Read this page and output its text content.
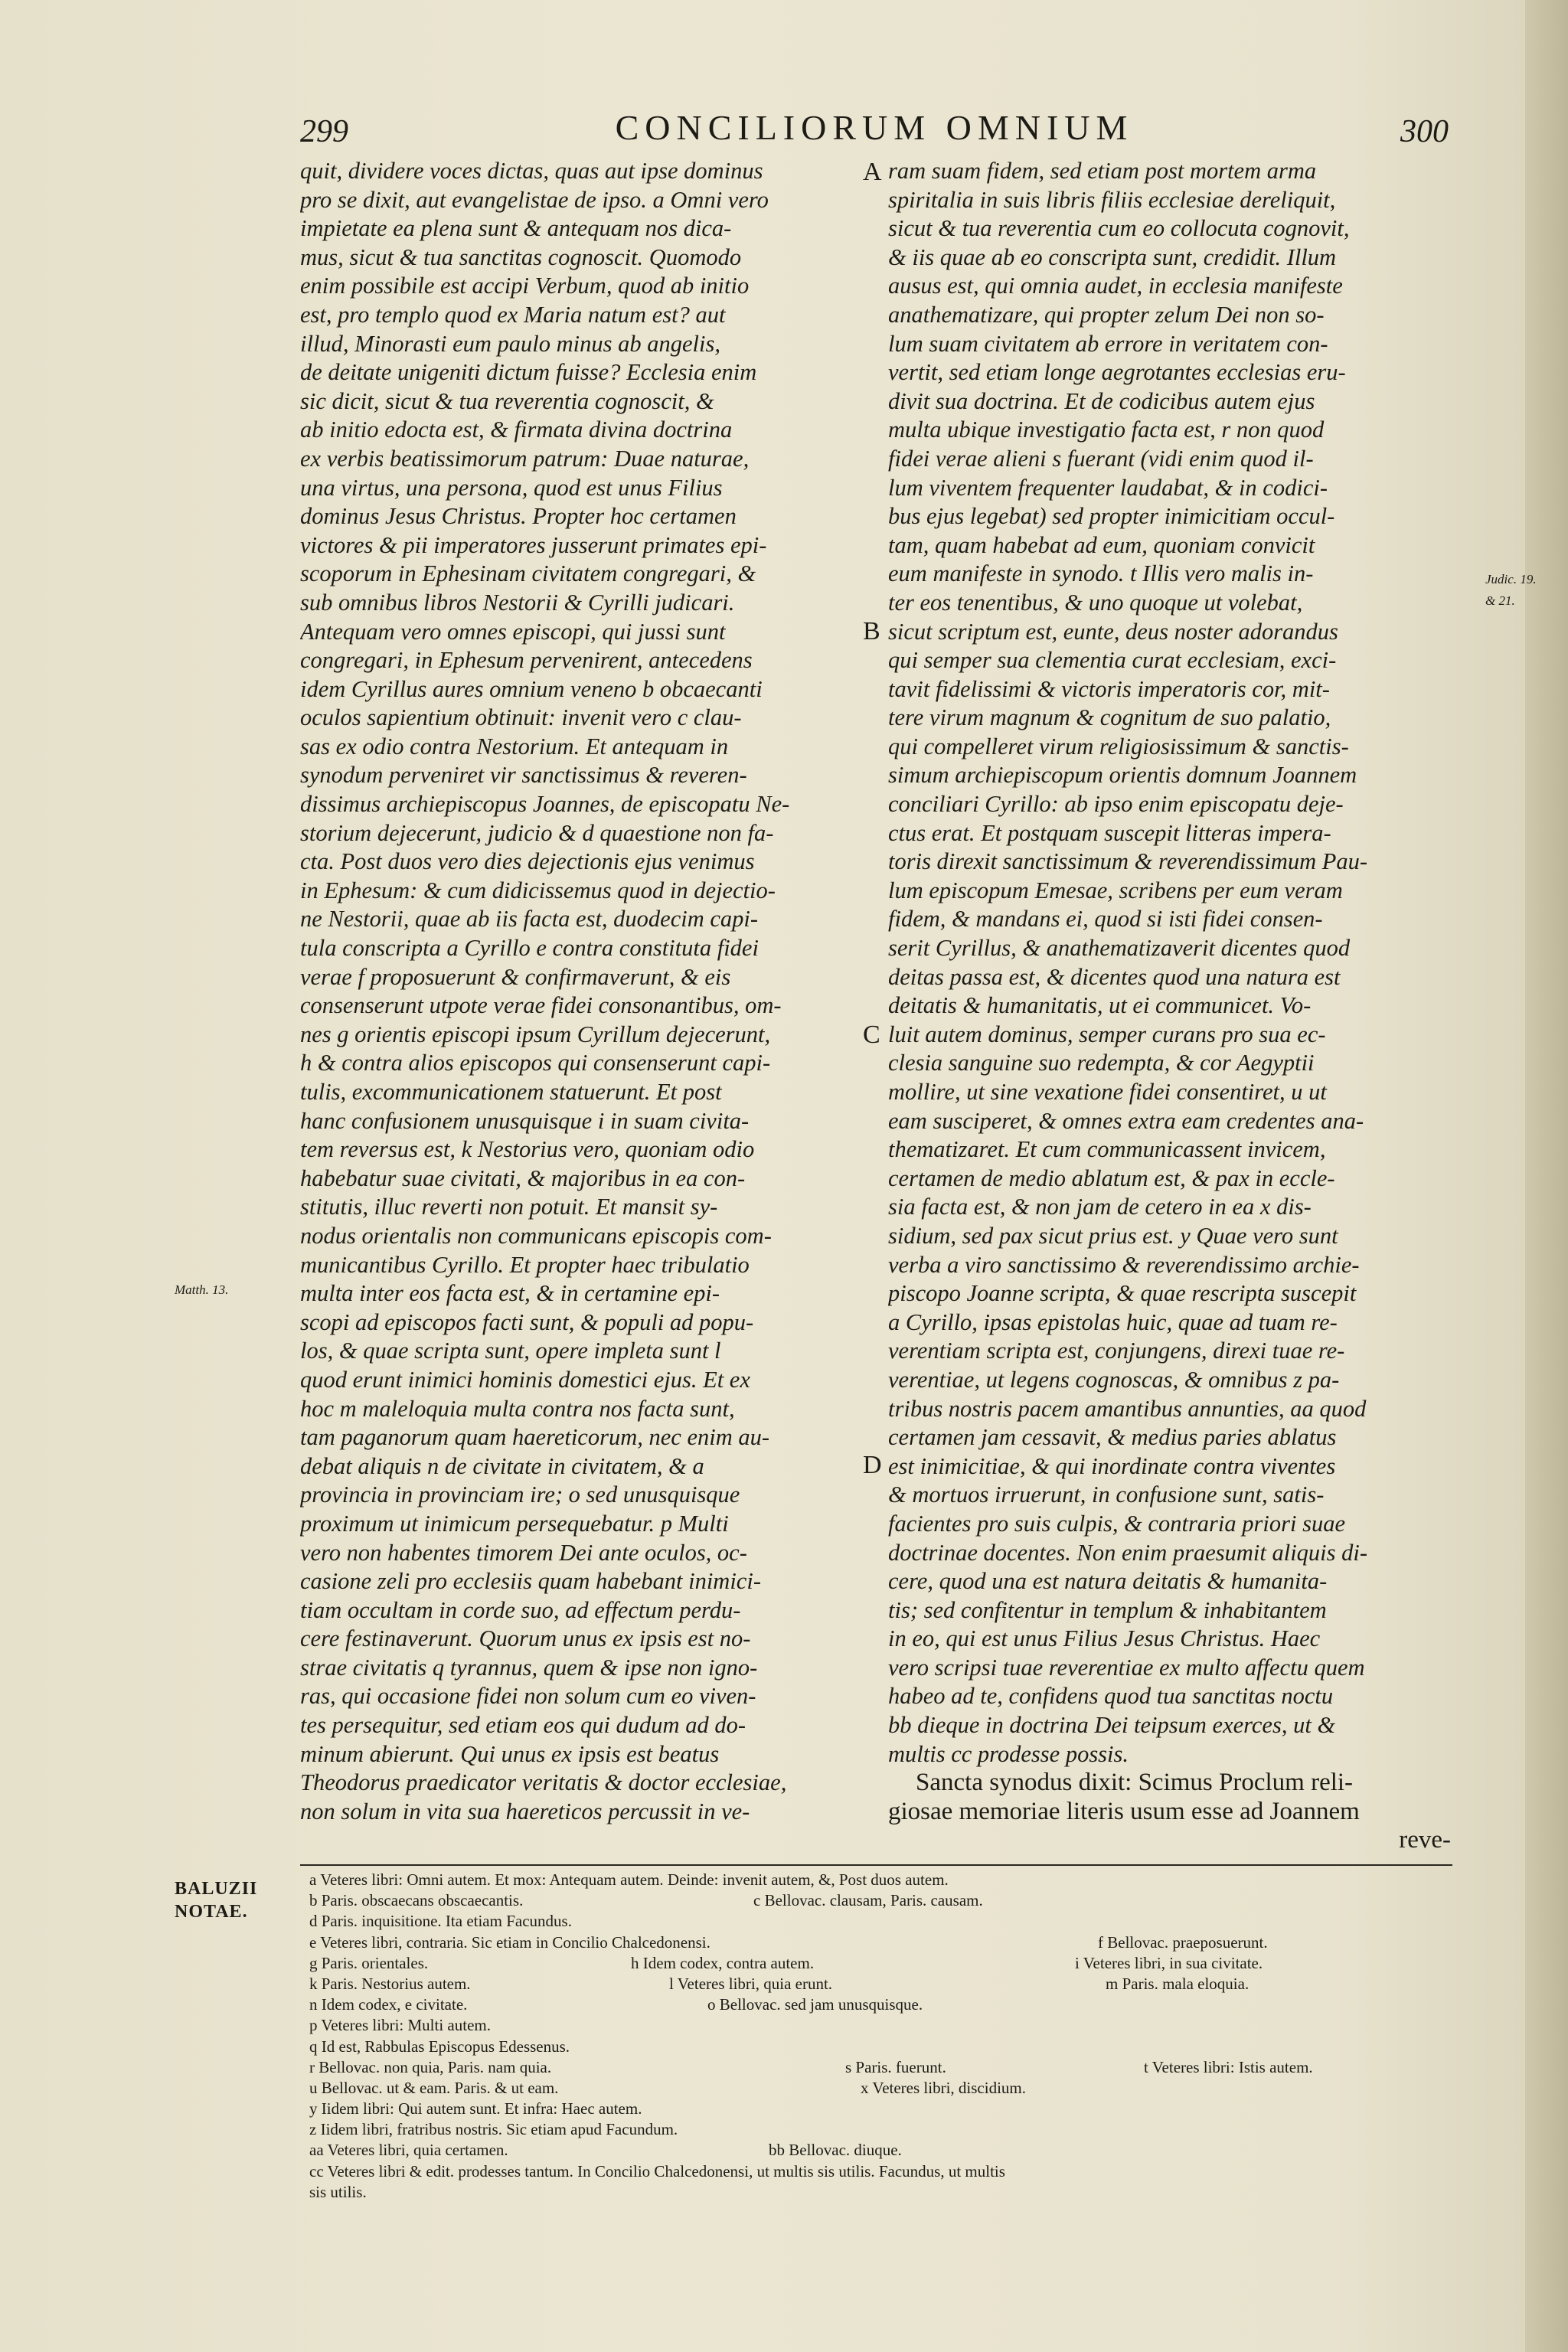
299	CONCILIORUM OMNIUM	300
quit, dividere voces dictas, quas aut ipse dominus
pro se dixit, aut evangelistae de ipso. a Omni vero
impietate ea plena sunt & antequam nos dica-
mus, sicut & tua sanctitas cognoscit. Quomodo
enim possibile est accipi Verbum, quod ab initio
est, pro templo quod ex Maria natum est? aut
illud, Minorasti eum paulo minus ab angelis,
de deitate unigeniti dictum fuisse? Ecclesia enim
sic dicit, sicut & tua reverentia cognoscit, &
ab initio edocta est, & firmata divina doctrina
ex verbis beatissimorum patrum: Duae naturae,
una virtus, una persona, quod est unus Filius
dominus Jesus Christus. Propter hoc certamen
victores & pii imperatores jusserunt primates epi-
scoporum in Ephesinam civitatem congregari, &
sub omnibus libros Nestorii & Cyrilli judicari.
Antequam vero omnes episcopi, qui jussi sunt
congregari, in Ephesum pervenirent, antecedens
idem Cyrillus aures omnium veneno b obcaecanti
oculos sapientium obtinuit: invenit vero c clau-
sas ex odio contra Nestorium. Et antequam in
synodum perveniret vir sanctissimus & reveren-
dissimus archiepiscopus Joannes, de episcopatu Ne-
storium dejecerunt, judicio & d quaestione non fa-
cta. Post duos vero dies dejectionis ejus venimus
in Ephesum: & cum didicissemus quod in dejectio-
ne Nestorii, quae ab iis facta est, duodecim capi-
tula conscripta a Cyrillo e contra constituta fidei
verae f proposuerunt & confirmaverunt, & eis
consenserunt utpote verae fidei consonantibus, om-
nes g orientis episcopi ipsum Cyrillum dejecerunt,
h & contra alios episcopos qui consenserunt capi-
tulis, excommunicationem statuerunt. Et post
hanc confusionem unusquisque i in suam civita-
tem reversus est, k Nestorius vero, quoniam odio
habebatur suae civitati, & majoribus in ea con-
stitutis, illuc reverti non potuit. Et mansit sy-
nodus orientalis non communicans episcopis com-
municantibus Cyrillo. Et propter haec tribulatio
multa inter eos facta est, & in certamine epi-
scopi ad episcopos facti sunt, & populi ad popu-
los, & quae scripta sunt, opere impleta sunt l
quod erunt inimici hominis domestici ejus. Et ex
hoc m maleloquia multa contra nos facta sunt,
tam paganorum quam haereticorum, nec enim au-
debat aliquis n de civitate in civitatem, & a
provincia in provinciam ire; o sed unusquisque
proximum ut inimicum persequebatur. p Multi
vero non habentes timorem Dei ante oculos, oc-
casione zeli pro ecclesiis quam habebant inimici-
tiam occultam in corde suo, ad effectum perdu-
cere festinaverunt. Quorum unus ex ipsis est no-
strae civitatis q tyrannus, quem & ipse non igno-
ras, qui occasione fidei non solum cum eo viven-
tes persequitur, sed etiam eos qui dudum ad do-
minum abierunt. Qui unus ex ipsis est beatus
Theodorus praedicator veritatis & doctor ecclesiae,
non solum in vita sua haereticos percussit in ve-
ram suam fidem, sed etiam post mortem arma
spiritalia in suis libris filiis ecclesiae dereliquit,
sicut & tua reverentia cum eo collocuta cognovit,
& iis quae ab eo conscripta sunt, credidit. Illum
ausus est, qui omnia audet, in ecclesia manifeste
anathematizare, qui propter zelum Dei non so-
lum suam civitatem ab errore in veritatem con-
vertit, sed etiam longe aegrotantes ecclesias eru-
divit sua doctrina. Et de codicibus autem ejus
multa ubique investigatio facta est, r non quod
fidei verae alieni s fuerant (vidi enim quod il-
lum viventem frequenter laudabat, & in codici-
bus ejus legebat) sed propter inimicitiam occul-
tam, quam habebat ad eum, quoniam convicit
eum manifeste in synodo. t Illis vero malis in-
ter eos tenentibus, & uno quoque ut volebat,
sicut scriptum est, eunte, deus noster adorandus
qui semper sua clementia curat ecclesiam, exci-
tavit fidelissimi & victoris imperatoris cor, mit-
tere virum magnum & cognitum de suo palatio,
qui compelleret virum religiosissimum & sanctis-
simum archiepiscopum orientis domnum Joannem
conciliari Cyrillo: ab ipso enim episcopatu deje-
ctus erat. Et postquam suscepit litteras impera-
toris direxit sanctissimum & reverendissimum Pau-
lum episcopum Emesae, scribens per eum veram
fidem, & mandans ei, quod si isti fidei consen-
serit Cyrillus, & anathematizaverit dicentes quod
deitas passa est, & dicentes quod una natura est
deitatis & humanitatis, ut ei communicet. Vo-
luit autem dominus, semper curans pro sua ec-
clesia sanguine suo redempta, & cor Aegyptii
mollire, ut sine vexatione fidei consentiret, u ut
eam susciperet, & omnes extra eam credentes ana-
thematizaret. Et cum communicassent invicem,
certamen de medio ablatum est, & pax in eccle-
sia facta est, & non jam de cetero in ea x dis-
sidium, sed pax sicut prius est. y Quae vero sunt
verba a viro sanctissimo & reverendissimo archie-
piscopo Joanne scripta, & quae rescripta suscepit
a Cyrillo, ipsas epistolas huic, quae ad tuam re-
verentiam scripta est, conjungens, direxi tuae re-
verentiae, ut legens cognoscas, & omnibus z pa-
tribus nostris pacem amantibus annunties, aa quod
certamen jam cessavit, & medius paries ablatus
est inimicitiae, & qui inordinate contra viventes
& mortuos irruerunt, in confusione sunt, satis-
facientes pro suis culpis, & contraria priori suae
doctrinae docentes. Non enim praesumit aliquis di-
cere, quod una est natura deitatis & humanita-
tis; sed confitentur in templum & inhabitantem
in eo, qui est unus Filius Jesus Christus. Haec
vero scripsi tuae reverentiae ex multo affectu quem
habeo ad te, confidens quod tua sanctitas noctu
bb dieque in doctrina Dei teipsum exerces, ut &
multis cc prodesse possis.
Sancta synodus dixit: Scimus Proclum reli-
giosae memoriae literis usum esse ad Joannem
reve-
A
B
C
D
Matth. 13.
Judic. 19.
& 21.
BALUZII NOTAE.
a Veteres libri: Omni autem. Et mox: Antequam autem. Deinde: invenit autem, &, Post duos autem.
b Paris. obscaecans obscaecantis.	c Bellovac. clausam, Paris. causam.
d Paris. inquisitione. Ita etiam Facundus.
e Veteres libri, contraria. Sic etiam in Concilio Chalcedonensi.	f Bellovac. praeposuerunt.
g Paris. orientales.	h Idem codex, contra autem.	i Veteres libri, in sua civitate.
k Paris. Nestorius autem.	l Veteres libri, quia erunt.	m Paris. mala eloquia.
n Idem codex, e civitate.	o Bellovac. sed jam unusquisque.
p Veteres libri: Multi autem.
q Id est, Rabbulas Episcopus Edessenus.
r Bellovac. non quia, Paris. nam quia.	s Paris. fuerunt.	t Veteres libri: Istis autem.
u Bellovac. ut & eam. Paris. & ut eam.	x Veteres libri, discidium.
y Iidem libri: Qui autem sunt. Et infra: Haec autem.
z Iidem libri, fratribus nostris. Sic etiam apud Facundum.
aa Veteres libri, quia certamen.	bb Bellovac. diuque.
cc Veteres libri & edit. prodesses tantum. In Concilio Chalcedonensi, ut multis sis utilis. Facundus, ut multis
sis utilis.
